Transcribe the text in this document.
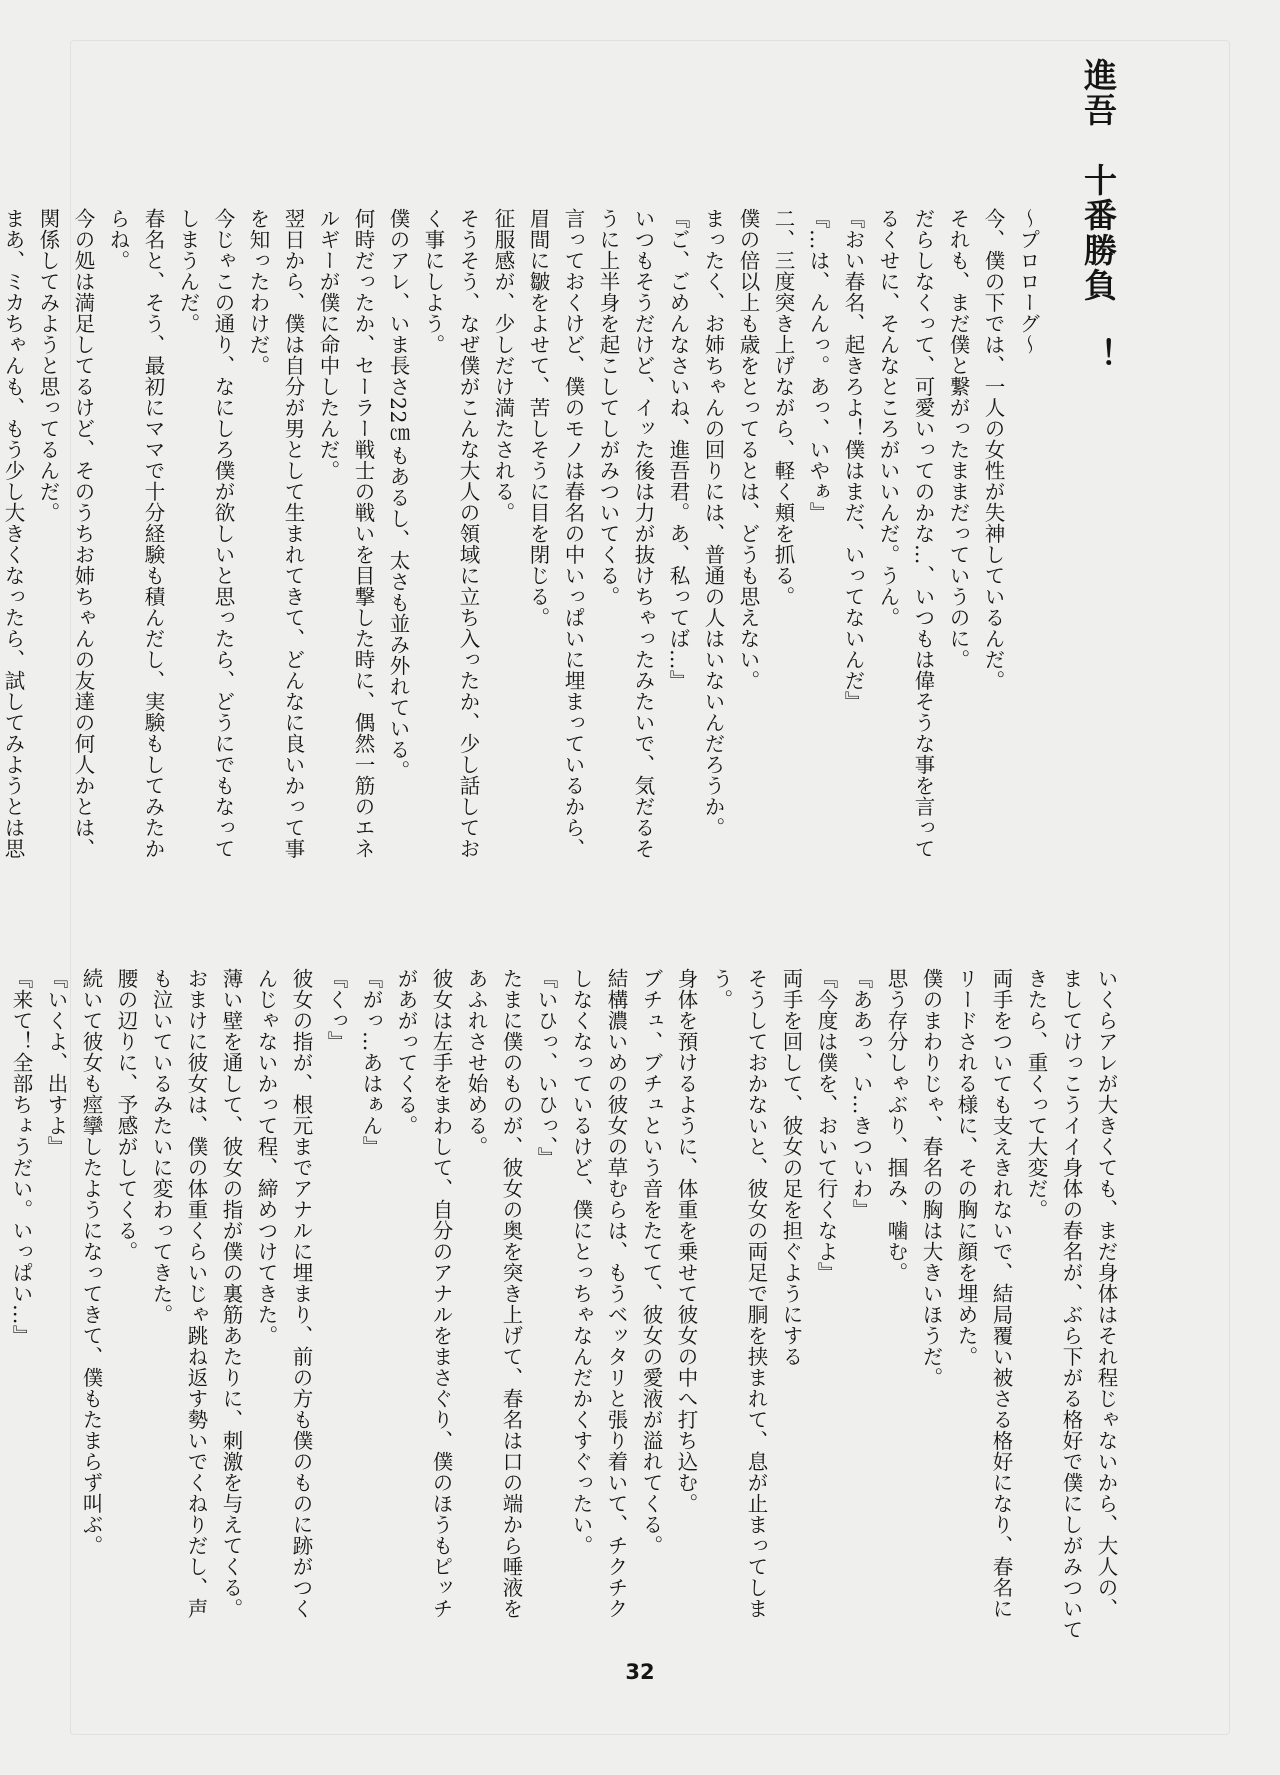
進吾　十番勝負　！
～プロローグ～
今、僕の下では、一人の女性が失神しているんだ。
それも、まだ僕と繋がったままだっていうのに。
だらしなくって、可愛いってのかな…、いつもは偉そうな事を言って
るくせに、そんなところがいいんだ。うん。
『おい春名、起きろよ！僕はまだ、いってないんだ』
『…は、んんっ。あっ、いやぁ』
二、三度突き上げながら、軽く頬を抓る。
僕の倍以上も歳をとってるとは、どうも思えない。
まったく、お姉ちゃんの回りには、普通の人はいないんだろうか。
『ご、ごめんなさいね、進吾君。あ、私ってば…』
いつもそうだけど、イッた後は力が抜けちゃったみたいで、気だるそ
うに上半身を起こしてしがみついてくる。
言っておくけど、僕のモノは春名の中いっぱいに埋まっているから、
眉間に皺をよせて、苦しそうに目を閉じる。
征服感が、少しだけ満たされる。
そうそう、なぜ僕がこんな大人の領域に立ち入ったか、少し話してお
く事にしよう。
僕のアレ、いま長さ22㎝もあるし、太さも並み外れている。
何時だったか、セーラー戦士の戦いを目撃した時に、偶然一筋のエネ
ルギーが僕に命中したんだ。
翌日から、僕は自分が男として生まれてきて、どんなに良いかって事
を知ったわけだ。
今じゃこの通り、なにしろ僕が欲しいと思ったら、どうにでもなって
しまうんだ。
春名と、そう、最初にママで十分経験も積んだし、実験もしてみたか
らね。
今の処は満足してるけど、そのうちお姉ちゃんの友達の何人かとは、
関係してみようと思ってるんだ。
まあ、ミカちゃんも、もう少し大きくなったら、試してみようとは思
いくらアレが大きくても、まだ身体はそれ程じゃないから、大人の、
ましてけっこうイイ身体の春名が、ぶら下がる格好で僕にしがみついて
きたら、重くって大変だ。
両手をついても支えきれないで、結局覆い被さる格好になり、春名に
リードされる様に、その胸に顔を埋めた。
僕のまわりじゃ、春名の胸は大きいほうだ。
思う存分しゃぶり、掴み、噛む。
『ああっ、い…きついわ』
『今度は僕を、おいて行くなよ』
両手を回して、彼女の足を担ぐようにする
そうしておかないと、彼女の両足で胴を挟まれて、息が止まってしま
う。
身体を預けるように、体重を乗せて彼女の中へ打ち込む。
ブチュ、ブチュという音をたてて、彼女の愛液が溢れてくる。
結構濃いめの彼女の草むらは、もうベッタリと張り着いて、チクチク
しなくなっているけど、僕にとっちゃなんだかくすぐったい。
『いひっ、いひっ、』
たまに僕のものが、彼女の奥を突き上げて、春名は口の端から唾液を
あふれさせ始める。
彼女は左手をまわして、自分のアナルをまさぐり、僕のほうもピッチ
があがってくる。
『がっ…あはぁん』
『くっ』
彼女の指が、根元までアナルに埋まり、前の方も僕のものに跡がつく
んじゃないかって程、締めつけてきた。
薄い壁を通して、彼女の指が僕の裏筋あたりに、刺激を与えてくる。
おまけに彼女は、僕の体重くらいじゃ跳ね返す勢いでくねりだし、声
も泣いているみたいに変わってきた。
腰の辺りに、予感がしてくる。
続いて彼女も痙攣したようになってきて、僕もたまらず叫ぶ。
『いくよ、出すよ』
『来て！全部ちょうだい。いっぱい…』
32
